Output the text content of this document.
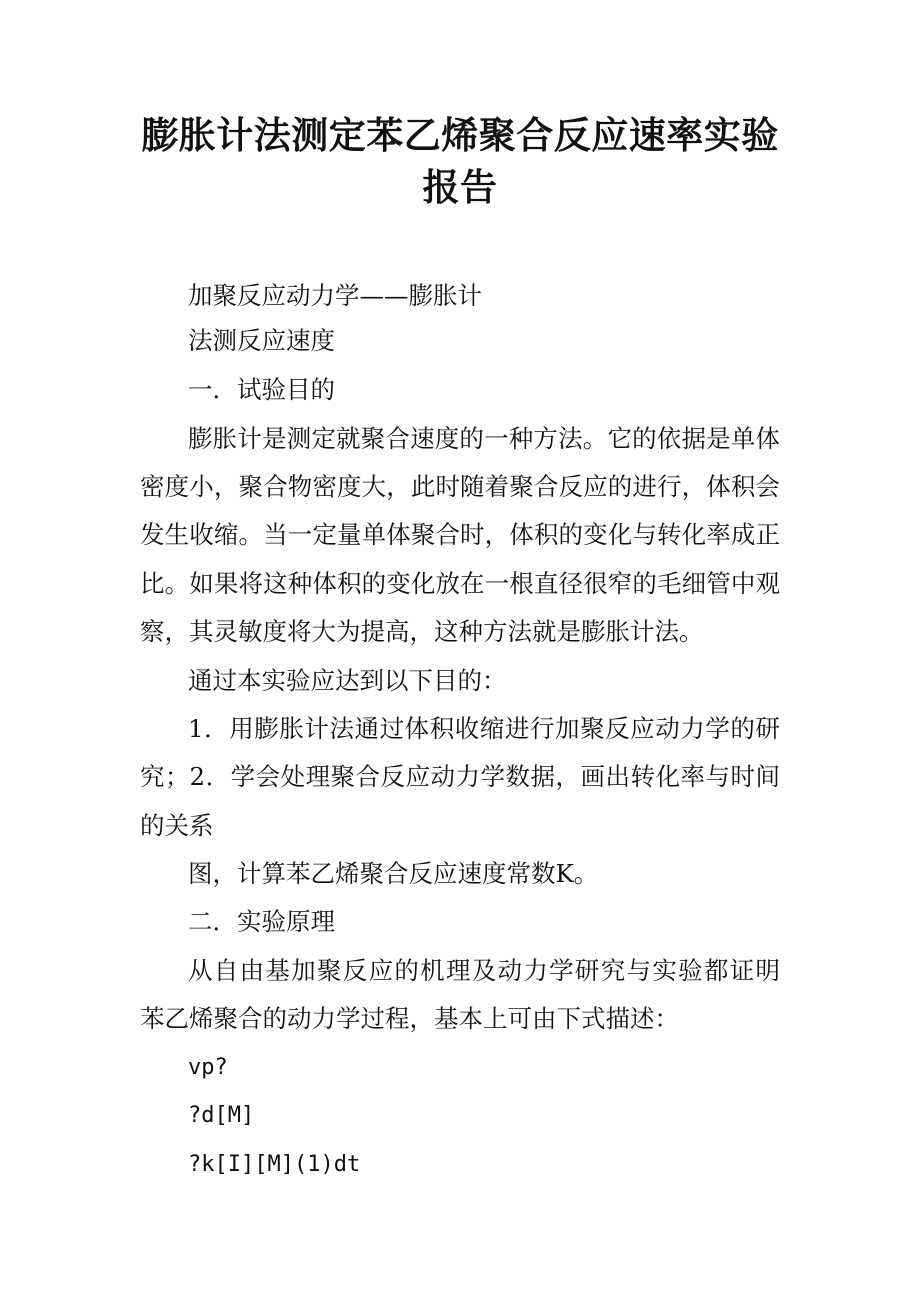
膨胀计法测定苯乙烯聚合反应速率实验
报告
加聚反应动力学——膨胀计
法测反应速度
一．试验目的
膨胀计是测定就聚合速度的一种方法。它的依据是单体
密度小，聚合物密度大，此时随着聚合反应的进行，体积会
发生收缩。当一定量单体聚合时，体积的变化与转化率成正
比。如果将这种体积的变化放在一根直径很窄的毛细管中观
察，其灵敏度将大为提高，这种方法就是膨胀计法。
通过本实验应达到以下目的：
1．用膨胀计法通过体积收缩进行加聚反应动力学的研
究；2．学会处理聚合反应动力学数据，画出转化率与时间
的关系
图，计算苯乙烯聚合反应速度常数K。
二．实验原理
从自由基加聚反应的机理及动力学研究与实验都证明
苯乙烯聚合的动力学过程，基本上可由下式描述：
vp?
?d[M]
?k[I][M](1)dt
